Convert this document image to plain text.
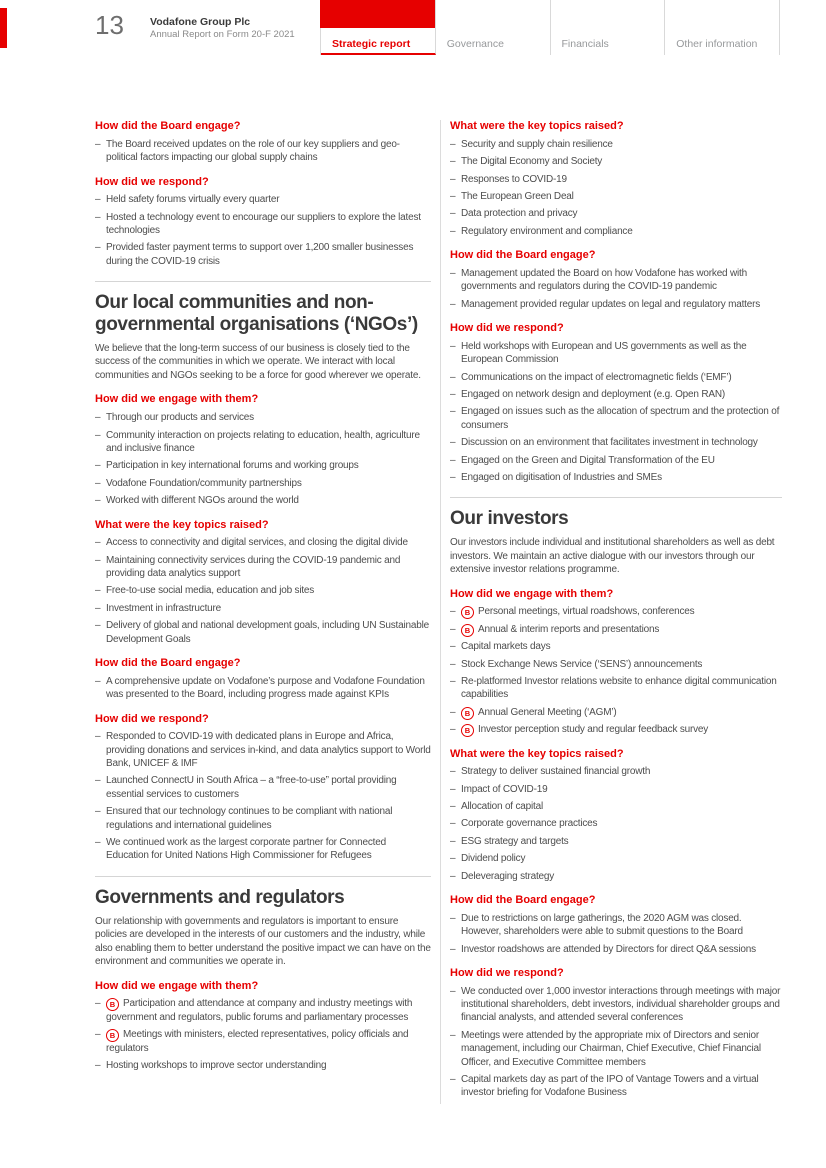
13	Vodafone Group Plc
Annual Report on Form 20-F 2021
Strategic report	Governance	Financials	Other information
How did the Board engage?
– The Board received updates on the role of our key suppliers and geo-political factors impacting our global supply chains
How did we respond?
– Held safety forums virtually every quarter
– Hosted a technology event to encourage our suppliers to explore the latest technologies
– Provided faster payment terms to support over 1,200 smaller businesses during the COVID-19 crisis
Our local communities and non-governmental organisations (‘NGOs’)

We believe that the long-term success of our business is closely tied to the success of the communities in which we operate. We interact with local communities and NGOs seeking to be a force for good wherever we operate.

How did we engage with them?
– Through our products and services
– Community interaction on projects relating to education, health, agriculture and inclusive finance
– Participation in key international forums and working groups
– Vodafone Foundation/community partnerships
– Worked with different NGOs around the world
What were the key topics raised?
– Access to connectivity and digital services, and closing the digital divide
– Maintaining connectivity services during the COVID-19 pandemic and providing data analytics support
– Free-to-use social media, education and job sites
– Investment in infrastructure
– Delivery of global and national development goals, including UN Sustainable Development Goals
How did the Board engage?
– A comprehensive update on Vodafone’s purpose and Vodafone Foundation was presented to the Board, including progress made against KPIs
How did we respond?
– Responded to COVID-19 with dedicated plans in Europe and Africa, providing donations and services in-kind, and data analytics support to World Bank, UNICEF & IMF
– Launched ConnectU in South Africa – a “free-to-use” portal providing essential services to customers
– Ensured that our technology continues to be compliant with national regulations and international guidelines
– We continued work as the largest corporate partner for Connected Education for United Nations High Commissioner for Refugees
Governments and regulators

Our relationship with governments and regulators is important to ensure policies are developed in the interests of our customers and the industry, while also enabling them to better understand the positive impact we can have on the environment and communities we operate in.

How did we engage with them?
– B Participation and attendance at company and industry meetings with government and regulators, public forums and parliamentary processes
– B Meetings with ministers, elected representatives, policy officials and regulators
– Hosting workshops to improve sector understanding
What were the key topics raised?
– Security and supply chain resilience
– The Digital Economy and Society
– Responses to COVID-19
– The European Green Deal
– Data protection and privacy
– Regulatory environment and compliance
How did the Board engage?
– Management updated the Board on how Vodafone has worked with governments and regulators during the COVID-19 pandemic
– Management provided regular updates on legal and regulatory matters
How did we respond?
– Held workshops with European and US governments as well as the European Commission
– Communications on the impact of electromagnetic fields (‘EMF’)
– Engaged on network design and deployment (e.g. Open RAN)
– Engaged on issues such as the allocation of spectrum and the protection of consumers
– Discussion on an environment that facilitates investment in technology
– Engaged on the Green and Digital Transformation of the EU
– Engaged on digitisation of Industries and SMEs
Our investors

Our investors include individual and institutional shareholders as well as debt investors. We maintain an active dialogue with our investors through our extensive investor relations programme.

How did we engage with them?
– B Personal meetings, virtual roadshows, conferences
– B Annual & interim reports and presentations
– Capital markets days
– Stock Exchange News Service (‘SENS’) announcements
– Re-platformed Investor relations website to enhance digital communication capabilities
– B Annual General Meeting (‘AGM’)
– B Investor perception study and regular feedback survey
What were the key topics raised?
– Strategy to deliver sustained financial growth
– Impact of COVID-19
– Allocation of capital
– Corporate governance practices
– ESG strategy and targets
– Dividend policy
– Deleveraging strategy
How did the Board engage?
– Due to restrictions on large gatherings, the 2020 AGM was closed. However, shareholders were able to submit questions to the Board
– Investor roadshows are attended by Directors for direct Q&A sessions
How did we respond?
– We conducted over 1,000 investor interactions through meetings with major institutional shareholders, debt investors, individual shareholder groups and financial analysts, and attended several conferences
– Meetings were attended by the appropriate mix of Directors and senior management, including our Chairman, Chief Executive, Chief Financial Officer, and Executive Committee members
– Capital markets day as part of the IPO of Vantage Towers and a virtual investor briefing for Vodafone Business
